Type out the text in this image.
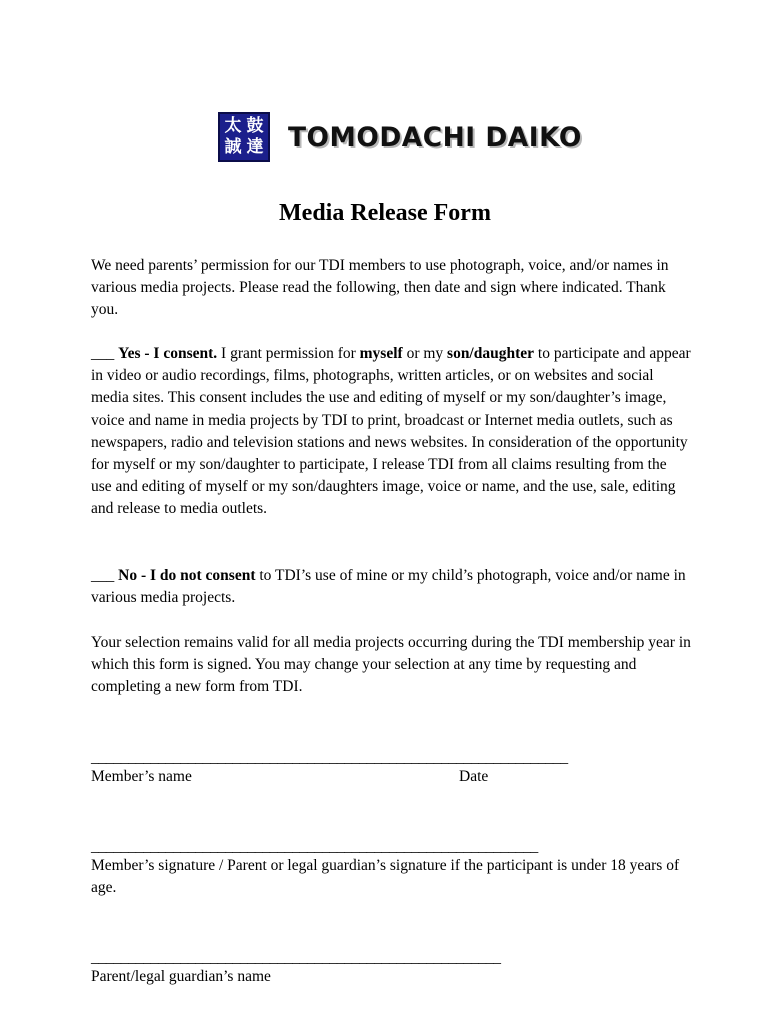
太 鼓
誠 達 TOMODACHI DAIKO
Media Release Form
We need parents’ permission for our TDI members to use photograph, voice, and/or names in various media projects. Please read the following, then date and sign where indicated. Thank you.
___ Yes - I consent. I grant permission for myself or my son/daughter to participate and appear in video or audio recordings, films, photographs, written articles, or on websites and social media sites. This consent includes the use and editing of myself or my son/daughter’s image, voice and name in media projects by TDI to print, broadcast or Internet media outlets, such as newspapers, radio and television stations and news websites. In consideration of the opportunity for myself or my son/daughter to participate, I release TDI from all claims resulting from the use and editing of myself or my son/daughters image, voice or name, and the use, sale, editing and release to media outlets.
___ No - I do not consent to TDI’s use of mine or my child’s photograph, voice and/or name in various media projects.
Your selection remains valid for all media projects occurring during the TDI membership year in which this form is signed. You may change your selection at any time by requesting and completing a new form from TDI.
________________________________________________________________
Member’s name	Date
____________________________________________________________
Member’s signature / Parent or legal guardian’s signature if the participant is under 18 years of age.
_______________________________________________________
Parent/legal guardian’s name
